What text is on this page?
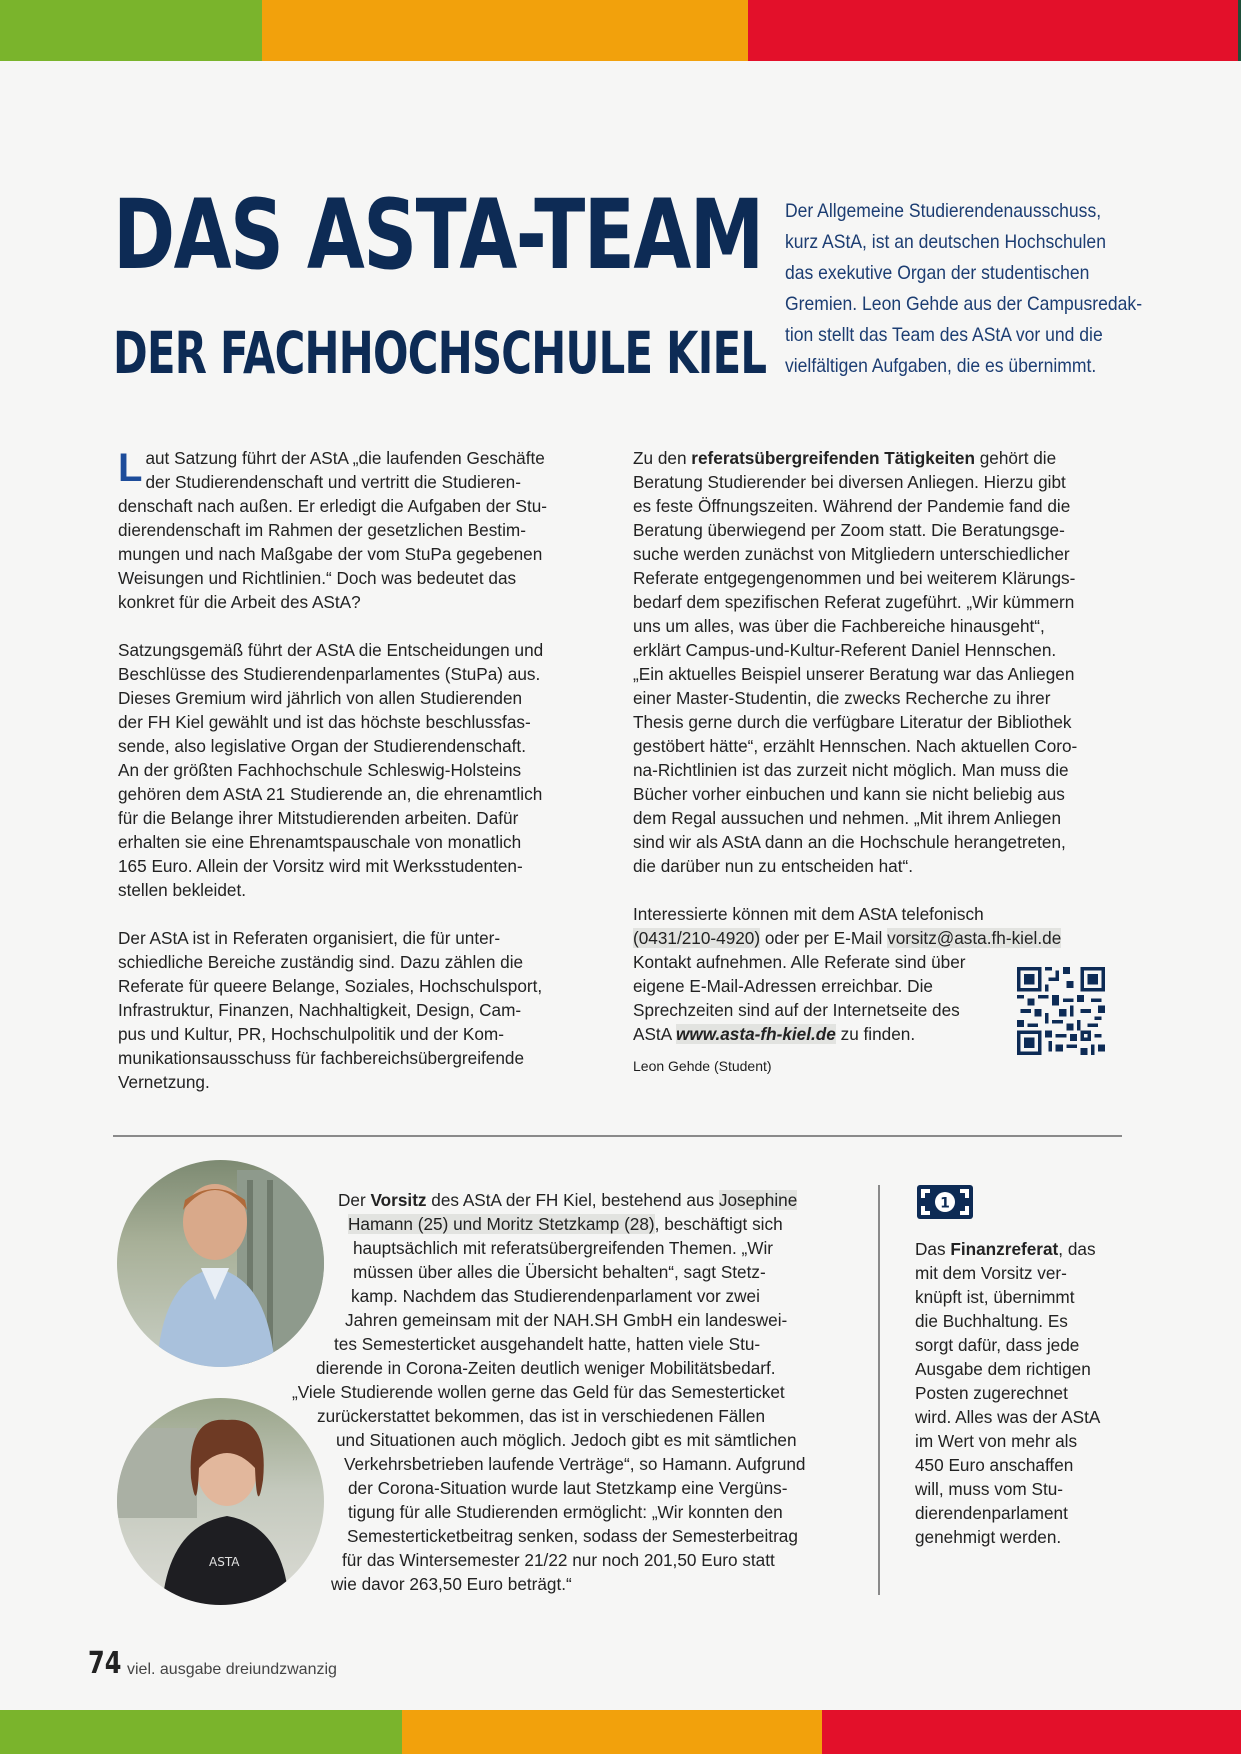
DAS ASTA-TEAM
DER FACHHOCHSCHULE KIEL
Der Allgemeine Studierendenausschuss,
kurz AStA, ist an deutschen Hochschulen
das exekutive Organ der studentischen
Gremien. Leon Gehde aus der Campusredak-
tion stellt das Team des AStA vor und die
vielfältigen Aufgaben, die es übernimmt.
L aut Satzung führt der AStA „die laufenden Geschäfte
der Studierendenschaft und vertritt die Studieren-
denschaft nach außen. Er erledigt die Aufgaben der Stu-
dierendenschaft im Rahmen der gesetzlichen Bestim-
mungen und nach Maßgabe der vom StuPa gegebenen
Weisungen und Richtlinien.“ Doch was bedeutet das
konkret für die Arbeit des AStA?
Satzungsgemäß führt der AStA die Entscheidungen und
Beschlüsse des Studierendenparlamentes (StuPa) aus.
Dieses Gremium wird jährlich von allen Studierenden
der FH Kiel gewählt und ist das höchste beschlussfas-
sende, also legislative Organ der Studierendenschaft.
An der größten Fachhochschule Schleswig-Holsteins
gehören dem AStA 21 Studierende an, die ehrenamtlich
für die Belange ihrer Mitstudierenden arbeiten. Dafür
erhalten sie eine Ehrenamtspauschale von monatlich
165 Euro. Allein der Vorsitz wird mit Werksstudenten-
stellen bekleidet.
Der AStA ist in Referaten organisiert, die für unter-
schiedliche Bereiche zuständig sind. Dazu zählen die
Referate für queere Belange, Soziales, Hochschulsport,
Infrastruktur, Finanzen, Nachhaltigkeit, Design, Cam-
pus und Kultur, PR, Hochschulpolitik und der Kom-
munikationsausschuss für fachbereichsübergreifende
Vernetzung.
Zu den referatsübergreifenden Tätigkeiten gehört die
Beratung Studierender bei diversen Anliegen. Hierzu gibt
es feste Öffnungszeiten. Während der Pandemie fand die
Beratung überwiegend per Zoom statt. Die Beratungsge-
suche werden zunächst von Mitgliedern unterschiedlicher
Referate entgegengenommen und bei weiterem Klärungs-
bedarf dem spezifischen Referat zugeführt. „Wir kümmern
uns um alles, was über die Fachbereiche hinausgeht“,
erklärt Campus-und-Kultur-Referent Daniel Hennschen.
„Ein aktuelles Beispiel unserer Beratung war das Anliegen
einer Master-Studentin, die zwecks Recherche zu ihrer
Thesis gerne durch die verfügbare Literatur der Bibliothek
gestöbert hätte“, erzählt Hennschen. Nach aktuellen Coro-
na-Richtlinien ist das zurzeit nicht möglich. Man muss die
Bücher vorher einbuchen und kann sie nicht beliebig aus
dem Regal aussuchen und nehmen. „Mit ihrem Anliegen
sind wir als AStA dann an die Hochschule herangetreten,
die darüber nun zu entscheiden hat“.
Interessierte können mit dem AStA telefonisch
(0431/210-4920) oder per E-Mail vorsitz@asta.fh-kiel.de
Kontakt aufnehmen. Alle Referate sind über
eigene E-Mail-Adressen erreichbar. Die
Sprechzeiten sind auf der Internetseite des
AStA www.asta-fh-kiel.de zu finden.
Leon Gehde (Student)
ASTA
Der Vorsitz des AStA der FH Kiel, bestehend aus Josephine
Hamann (25) und Moritz Stetzkamp (28), beschäftigt sich
hauptsächlich mit referatsübergreifenden Themen. „Wir
müssen über alles die Übersicht behalten“, sagt Stetz-
kamp. Nachdem das Studierendenparlament vor zwei
Jahren gemeinsam mit der NAH.SH GmbH ein landeswei-
tes Semesterticket ausgehandelt hatte, hatten viele Stu-
dierende in Corona-Zeiten deutlich weniger Mobilitätsbedarf.
„Viele Studierende wollen gerne das Geld für das Semesterticket
zurückerstattet bekommen, das ist in verschiedenen Fällen
und Situationen auch möglich. Jedoch gibt es mit sämtlichen
Verkehrsbetrieben laufende Verträge“, so Hamann. Aufgrund
der Corona-Situation wurde laut Stetzkamp eine Vergüns-
tigung für alle Studierenden ermöglicht: „Wir konnten den
Semesterticketbeitrag senken, sodass der Semesterbeitrag
für das Wintersemester 21/22 nur noch 201,50 Euro statt
wie davor 263,50 Euro beträgt.“
1
Das Finanzreferat, das
mit dem Vorsitz ver-
knüpft ist, übernimmt
die Buchhaltung. Es
sorgt dafür, dass jede
Ausgabe dem richtigen
Posten zugerechnet
wird. Alles was der AStA
im Wert von mehr als
450 Euro anschaffen
will, muss vom Stu-
dierendenparlament
genehmigt werden.
74 viel. ausgabe dreiundzwanzig
